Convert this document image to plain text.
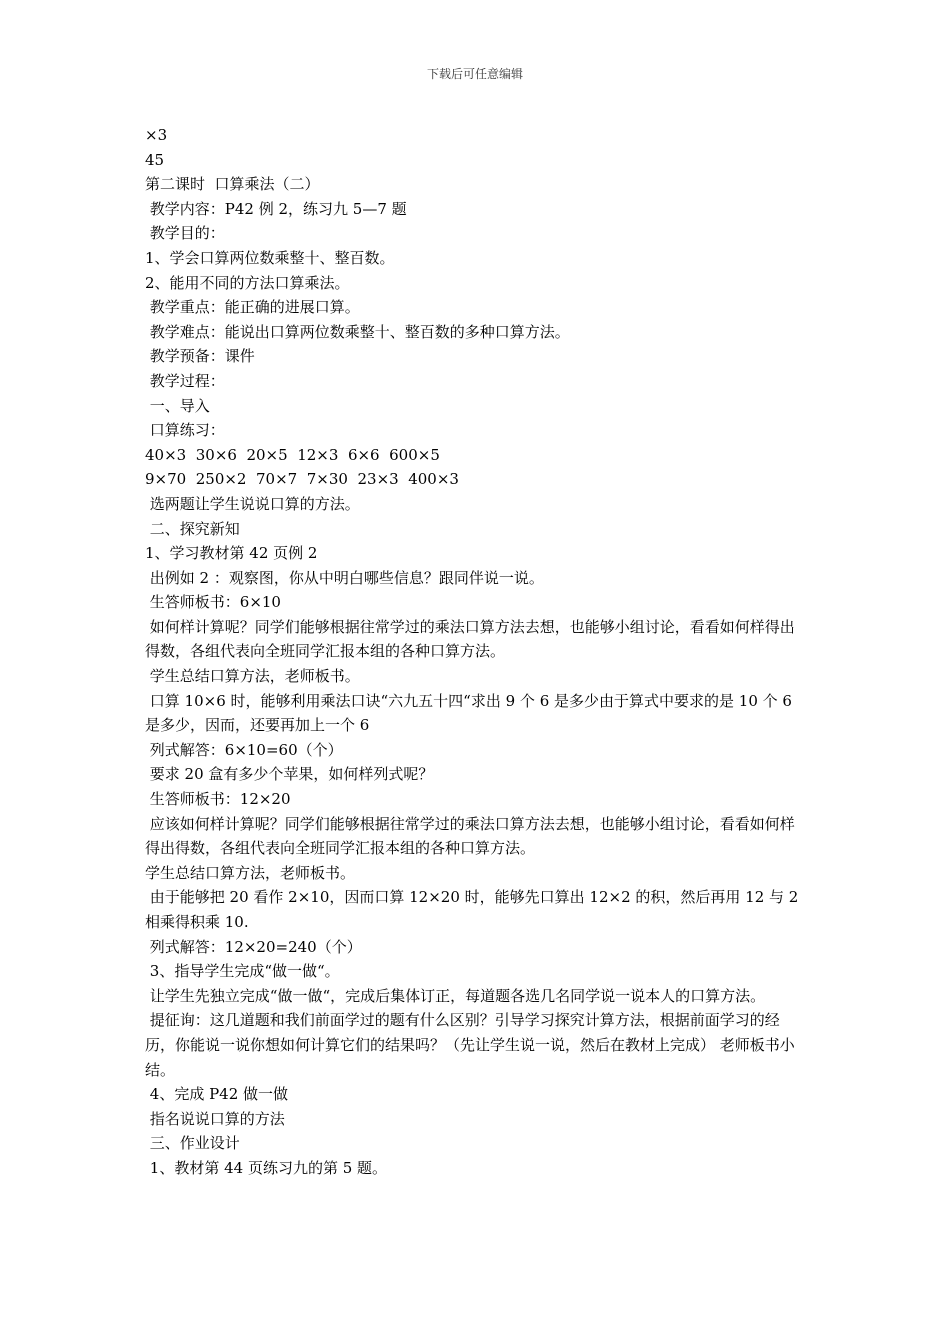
下载后可任意编辑

×3

45

第二课时  口算乘法（二）

教学内容：P42 例 2，练习九 5—7 题

教学目的：

1、学会口算两位数乘整十、整百数。

2、能用不同的方法口算乘法。

教学重点：能正确的进展口算。

教学难点：能说出口算两位数乘整十、整百数的多种口算方法。

教学预备：课件

教学过程：

一、导入

口算练习：

40×3  30×6  20×5  12×3  6×6  600×5

9×70  250×2  70×7  7×30  23×3  400×3

选两题让学生说说口算的方法。

二、探究新知

1、学习教材第 42 页例 2

出例如 2 ：观察图，你从中明白哪些信息？跟同伴说一说。

生答师板书：6×10

如何样计算呢？同学们能够根据往常学过的乘法口算方法去想，也能够小组讨论，看看如何样得出得数，各组代表向全班同学汇报本组的各种口算方法。

学生总结口算方法，老师板书。

口算 10×6 时，能够利用乘法口诀“六九五十四“求出 9 个 6 是多少由于算式中要求的是 10 个 6 是多少，因而，还要再加上一个 6

列式解答：6×10=60（个）

要求 20 盒有多少个苹果，如何样列式呢？

生答师板书：12×20

应该如何样计算呢？同学们能够根据往常学过的乘法口算方法去想，也能够小组讨论，看看如何样得出得数，各组代表向全班同学汇报本组的各种口算方法。

学生总结口算方法，老师板书。

由于能够把 20 看作 2×10，因而口算 12×20 时，能够先口算出 12×2 的积，然后再用 12 与 2 相乘得积乘 10.

列式解答：12×20=240（个）

3、指导学生完成“做一做“。

让学生先独立完成“做一做“，完成后集体订正，每道题各选几名同学说一说本人的口算方法。

提征询：这几道题和我们前面学过的题有什么区别？引导学习探究计算方法，根据前面学习的经历，你能说一说你想如何计算它们的结果吗？（先让学生说一说，然后在教材上完成） 老师板书小结。

4、完成 P42 做一做

指名说说口算的方法

三、作业设计

1、教材第 44 页练习九的第 5 题。
